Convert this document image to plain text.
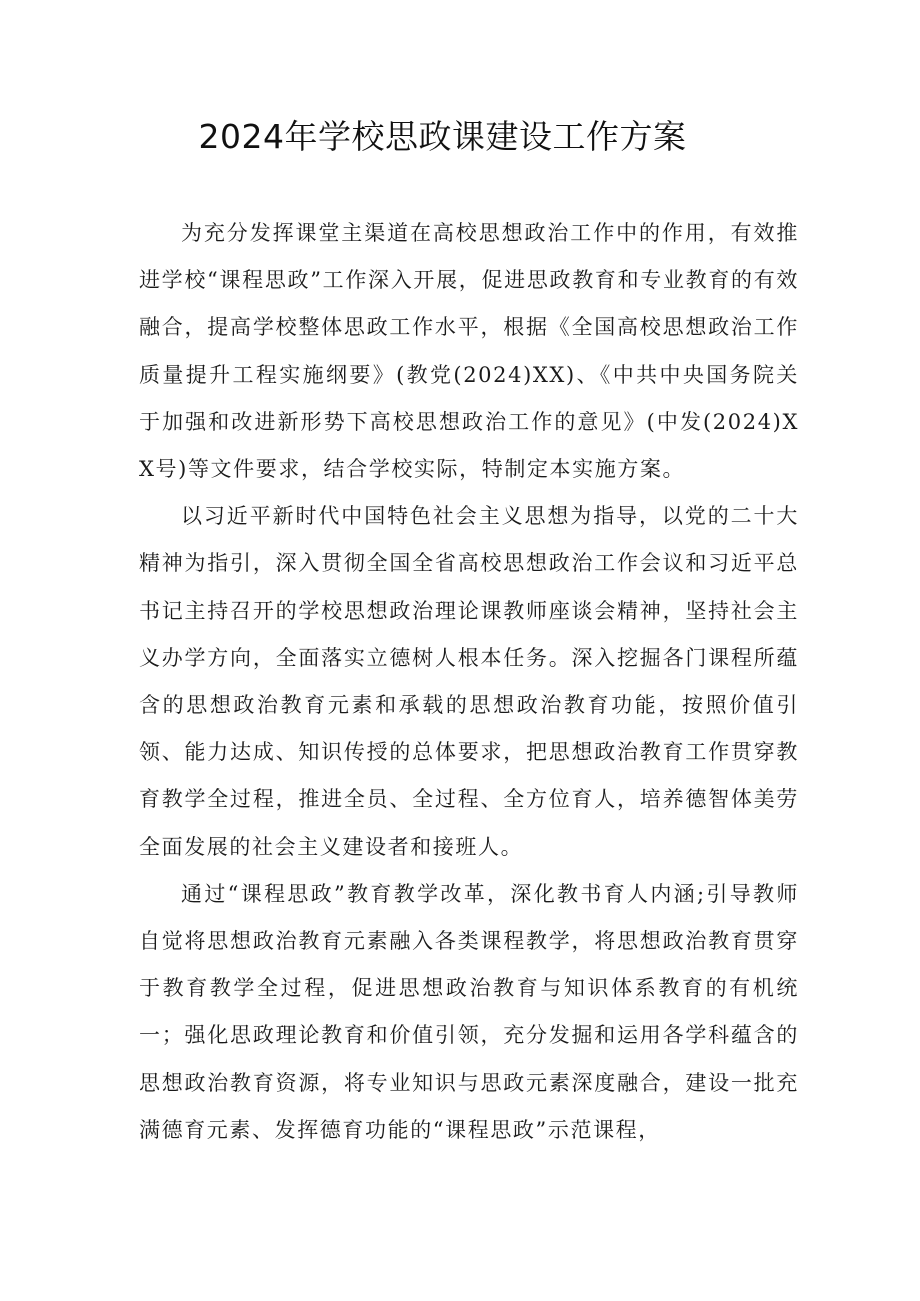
2024年学校思政课建设工作方案

为充分发挥课堂主渠道在高校思想政治工作中的作用，有效推进学校“课程思政”工作深入开展，促进思政教育和专业教育的有效融合，提高学校整体思政工作水平，根据《全国高校思想政治工作质量提升工程实施纲要》(教党(2024)XX)、《中共中央国务院关于加强和改进新形势下高校思想政治工作的意见》(中发(2024)XX号)等文件要求，结合学校实际，特制定本实施方案。

以习近平新时代中国特色社会主义思想为指导，以党的二十大精神为指引，深入贯彻全国全省高校思想政治工作会议和习近平总书记主持召开的学校思想政治理论课教师座谈会精神，坚持社会主义办学方向，全面落实立德树人根本任务。深入挖掘各门课程所蕴含的思想政治教育元素和承载的思想政治教育功能，按照价值引领、能力达成、知识传授的总体要求，把思想政治教育工作贯穿教育教学全过程，推进全员、全过程、全方位育人，培养德智体美劳全面发展的社会主义建设者和接班人。

通过“课程思政”教育教学改革，深化教书育人内涵;引导教师自觉将思想政治教育元素融入各类课程教学，将思想政治教育贯穿于教育教学全过程，促进思想政治教育与知识体系教育的有机统一；强化思政理论教育和价值引领，充分发掘和运用各学科蕴含的思想政治教育资源，将专业知识与思政元素深度融合，建设一批充满德育元素、发挥德育功能的“课程思政”示范课程，
